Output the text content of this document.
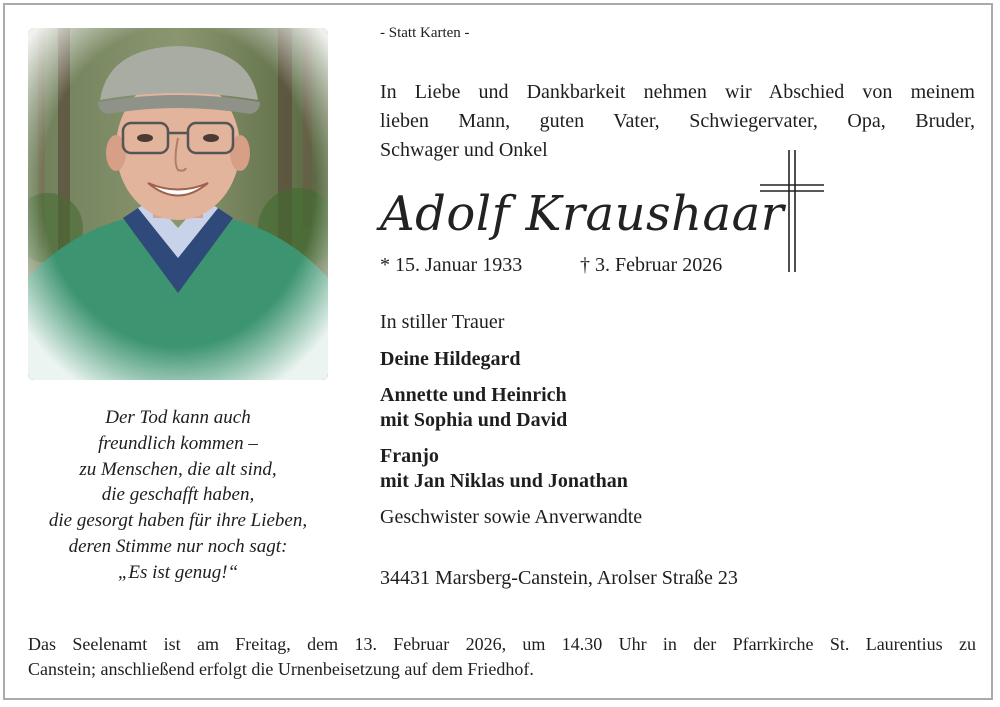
Der Tod kann auch
freundlich kommen –
zu Menschen, die alt sind,
die geschafft haben,
die gesorgt haben für ihre Lieben,
deren Stimme nur noch sagt:
„Es ist genug!“
- Statt Karten -
In Liebe und Dankbarkeit nehmen wir Abschied von meinem
lieben Mann, guten Vater, Schwiegervater, Opa, Bruder,
Schwager und Onkel
Adolf Kraushaar
* 15. Januar 1933	† 3. Februar 2026
In stiller Trauer
Deine Hildegard
Annette und Heinrich
mit Sophia und David
Franjo
mit Jan Niklas und Jonathan
Geschwister sowie Anverwandte
34431 Marsberg-Canstein, Arolser Straße 23
Das Seelenamt ist am Freitag, dem 13. Februar 2026, um 14.30 Uhr in der Pfarrkirche St. Laurentius zu
Canstein; anschließend erfolgt die Urnenbeisetzung auf dem Friedhof.
